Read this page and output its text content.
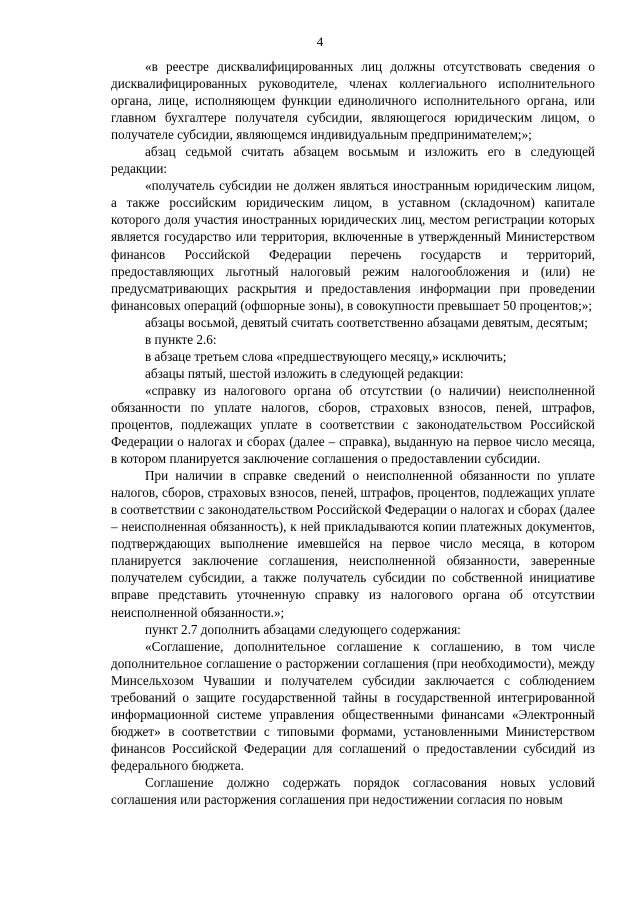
4

«в реестре дисквалифицированных лиц должны отсутствовать сведения о дисквалифицированных руководителе, членах коллегиального исполнительного органа, лице, исполняющем функции единоличного исполнительного органа, или главном бухгалтере получателя субсидии, являющегося юридическим лицом, о получателе субсидии, являющемся индивидуальным предпринимателем;»;

абзац седьмой считать абзацем восьмым и изложить его в следующей редакции:

«получатель субсидии не должен являться иностранным юридическим лицом, а также российским юридическим лицом, в уставном (складочном) капитале которого доля участия иностранных юридических лиц, местом регистрации которых является государство или территория, включенные в утвержденный Министерством финансов Российской Федерации перечень государств и территорий, предоставляющих льготный налоговый режим налогообложения и (или) не предусматривающих раскрытия и предоставления информации при проведении финансовых операций (офшорные зоны), в совокупности превышает 50 процентов;»;

абзацы восьмой, девятый считать соответственно абзацами девятым, десятым;

в пункте 2.6:

в абзаце третьем слова «предшествующего месяцу,» исключить;

абзацы пятый, шестой изложить в следующей редакции:

«справку из налогового органа об отсутствии (о наличии) неисполненной обязанности по уплате налогов, сборов, страховых взносов, пеней, штрафов, процентов, подлежащих уплате в соответствии с законодательством Российской Федерации о налогах и сборах (далее – справка), выданную на первое число месяца, в котором планируется заключение соглашения о предоставлении субсидии.

При наличии в справке сведений о неисполненной обязанности по уплате налогов, сборов, страховых взносов, пеней, штрафов, процентов, подлежащих уплате в соответствии с законодательством Российской Федерации о налогах и сборах (далее – неисполненная обязанность), к ней прикладываются копии платежных документов, подтверждающих выполнение имевшейся на первое число месяца, в котором планируется заключение соглашения, неисполненной обязанности, заверенные получателем субсидии, а также получатель субсидии по собственной инициативе вправе представить уточненную справку из налогового органа об отсутствии неисполненной обязанности.»;

пункт 2.7 дополнить абзацами следующего содержания:

«Соглашение, дополнительное соглашение к соглашению, в том числе дополнительное соглашение о расторжении соглашения (при необходимости), между Минсельхозом Чувашии и получателем субсидии заключается с соблюдением требований о защите государственной тайны в государственной интегрированной информационной системе управления общественными финансами «Электронный бюджет» в соответствии с типовыми формами, установленными Министерством финансов Российской Федерации для соглашений о предоставлении субсидий из федерального бюджета.

Соглашение должно содержать порядок согласования новых условий соглашения или расторжения соглашения при недостижении согласия по новым
